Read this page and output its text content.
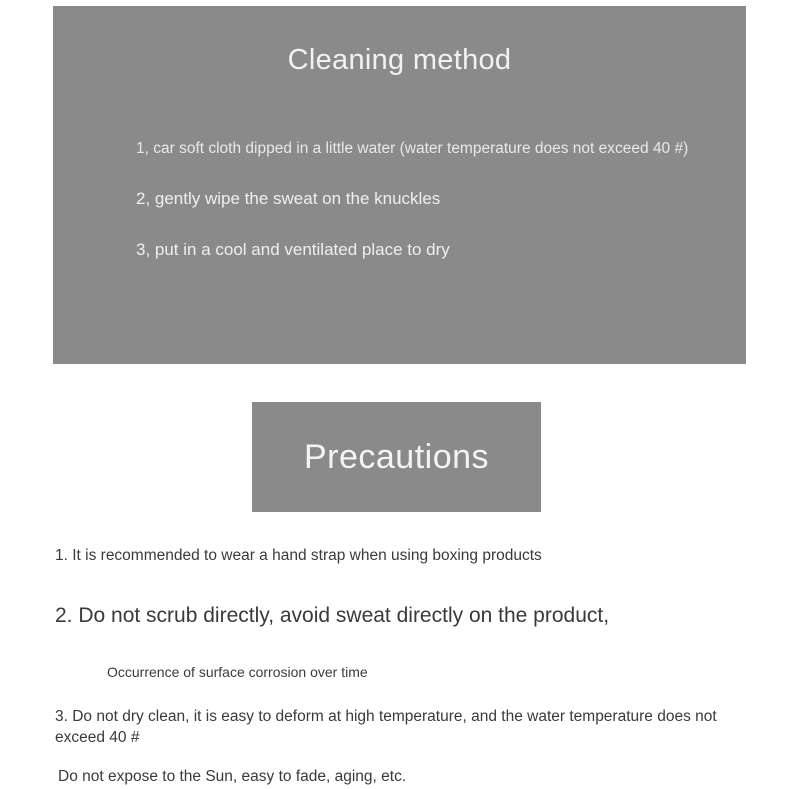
Cleaning method
1, car soft cloth dipped in a little water (water temperature does not exceed 40 #)
2, gently wipe the sweat on the knuckles
3, put in a cool and ventilated place to dry
Precautions
1. It is recommended to wear a hand strap when using boxing products
2. Do not scrub directly, avoid sweat directly on the product,
Occurrence of surface corrosion over time
3. Do not dry clean, it is easy to deform at high temperature, and the water temperature does not exceed 40 #
Do not expose to the Sun, easy to fade, aging, etc.
